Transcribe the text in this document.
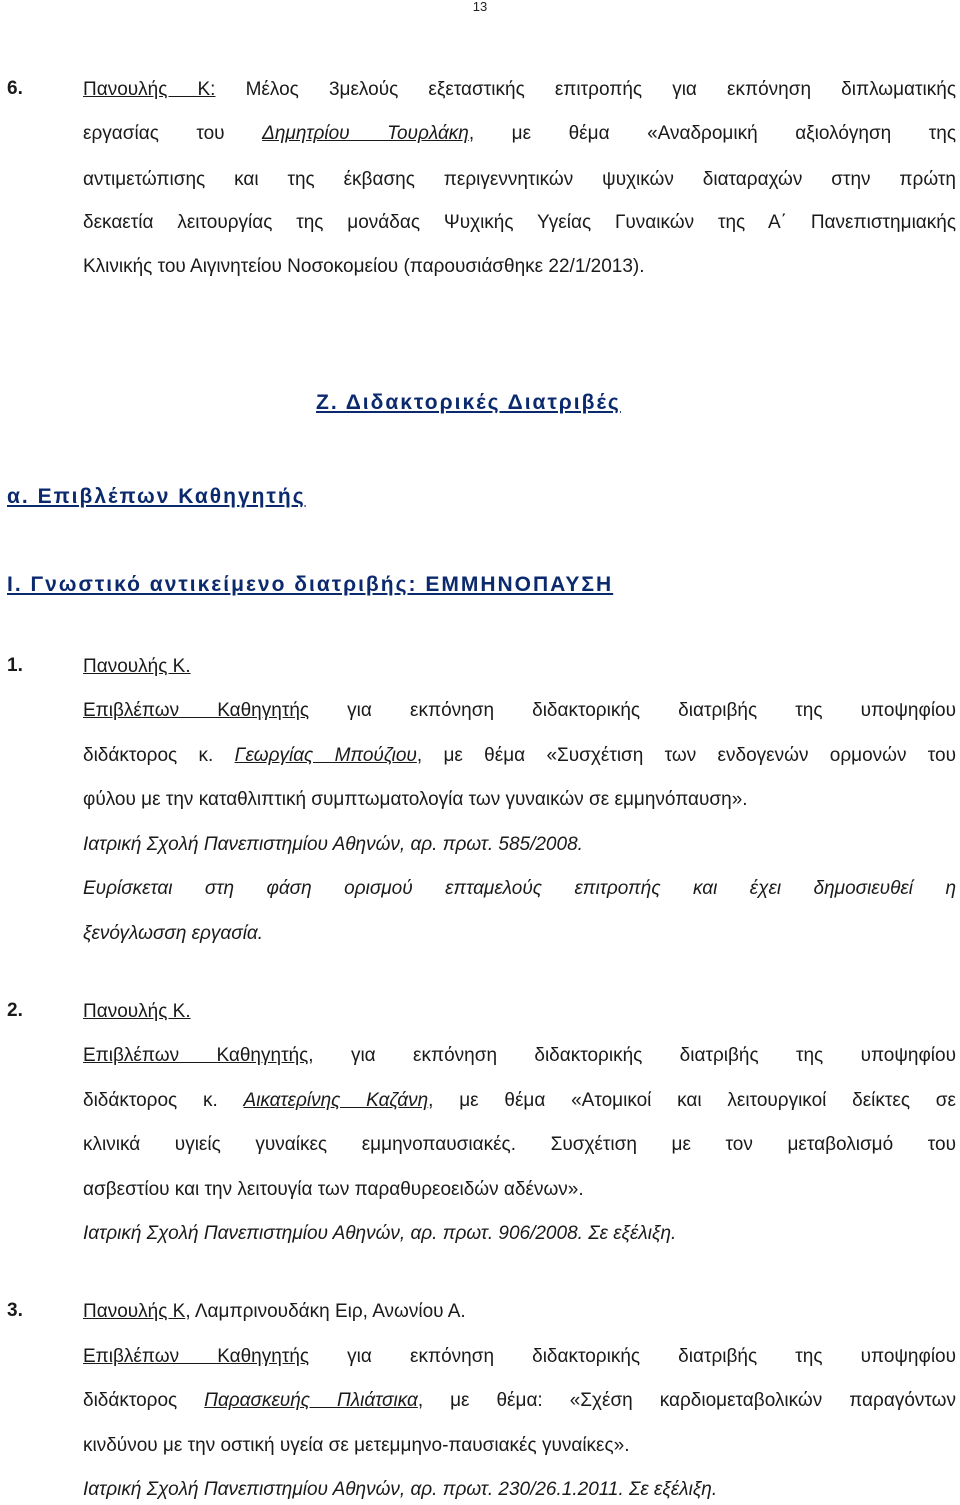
13
6.	Πανουλής Κ: Μέλος 3μελούς εξεταστικής επιτροπής για εκπόνηση διπλωματικής
εργασίας του Δημητρίου Τουρλάκη, με θέμα «Αναδρομική αξιολόγηση της
αντιμετώπισης και της έκβασης περιγεννητικών ψυχικών διαταραχών στην πρώτη
δεκαετία λειτουργίας της μονάδας Ψυχικής Υγείας Γυναικών της Α΄ Πανεπιστημιακής
Κλινικής του Αιγινητείου Νοσοκομείου (παρουσιάσθηκε 22/1/2013).
Ζ. Διδακτορικές Διατριβές
α. Επιβλέπων Καθηγητής
Ι. Γνωστικό αντικείμενο διατριβής: ΕΜΜΗΝΟΠΑΥΣΗ
1.	Πανουλής Κ.
Επιβλέπων Καθηγητής για εκπόνηση διδακτορικής διατριβής της υποψηφίου
διδάκτορος κ. Γεωργίας Μπούζιου, με θέμα «Συσχέτιση των ενδογενών ορμονών του
φύλου με την καταθλιπτική συμπτωματολογία των γυναικών σε εμμηνόπαυση».
Ιατρική Σχολή Πανεπιστημίου Αθηνών, αρ. πρωτ. 585/2008.
Ευρίσκεται στη φάση ορισμού επταμελούς επιτροπής και έχει δημοσιευθεί η
ξενόγλωσση εργασία.
2.	Πανουλής Κ.
Επιβλέπων Καθηγητής, για εκπόνηση διδακτορικής διατριβής της υποψηφίου
διδάκτορος κ. Αικατερίνης Καζάνη, με θέμα «Ατομικοί και λειτουργικοί δείκτες σε
κλινικά υγιείς γυναίκες εμμηνοπαυσιακές. Συσχέτιση με τον μεταβολισμό του
ασβεστίου και την λειτουγία των παραθυρεοειδών αδένων».
Ιατρική Σχολή Πανεπιστημίου Αθηνών, αρ. πρωτ. 906/2008. Σε εξέλιξη.
3.	Πανουλής Κ, Λαμπρινουδάκη Ειρ, Ανωνίου Α.
Επιβλέπων Καθηγητής για εκπόνηση διδακτορικής διατριβής της υποψηφίου
διδάκτορος Παρασκευής Πλιάτσικα, με θέμα: «Σχέση καρδιομεταβολικών παραγόντων
κινδύνου με την οστική υγεία σε μετεμμηνο-παυσιακές γυναίκες».
Ιατρική Σχολή Πανεπιστημίου Αθηνών, αρ. πρωτ. 230/26.1.2011. Σε εξέλιξη.
